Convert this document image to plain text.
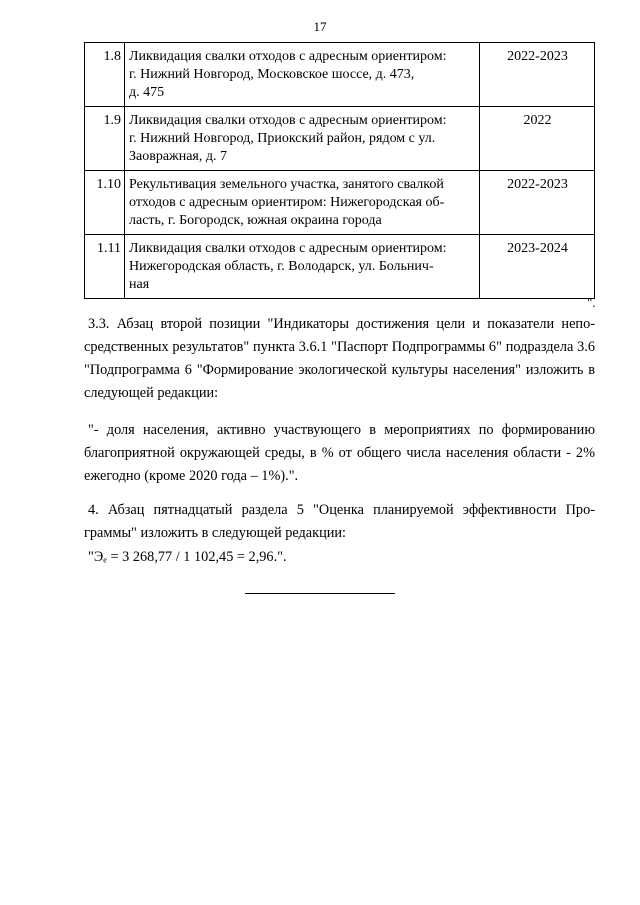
17
1.8	Ликвидация свалки отходов с адресным ориентиром:
г. Нижний Новгород, Московское шоссе, д. 473,
д. 475	2022-2023
1.9	Ликвидация свалки отходов с адресным ориентиром:
г. Нижний Новгород, Приокский район, рядом с ул.
Заовражная, д. 7	2022
1.10	Рекультивация земельного участка, занятого свалкой
отходов с адресным ориентиром: Нижегородская об-
ласть, г. Богородск, южная окраина города	2022-2023
1.11	Ликвидация свалки отходов с адресным ориентиром:
Нижегородская область, г. Володарск, ул. Больнич-
ная	2023-2024
".
3.3. Абзац второй позиции "Индикаторы достижения цели и показатели непо-
средственных результатов" пункта 3.6.1 "Паспорт Подпрограммы 6" подраздела 3.6
"Подпрограмма 6 "Формирование экологической культуры населения" изложить в
следующей редакции:
"- доля населения, активно участвующего в мероприятиях по формированию
благоприятной окружающей среды, в % от общего числа населения области - 2%
ежегодно (кроме 2020 года – 1%).".
4. Абзац пятнадцатый раздела 5 "Оценка планируемой эффективности Про-
граммы" изложить в следующей редакции:
"Эₑ = 3 268,77 / 1 102,45 = 2,96.".
